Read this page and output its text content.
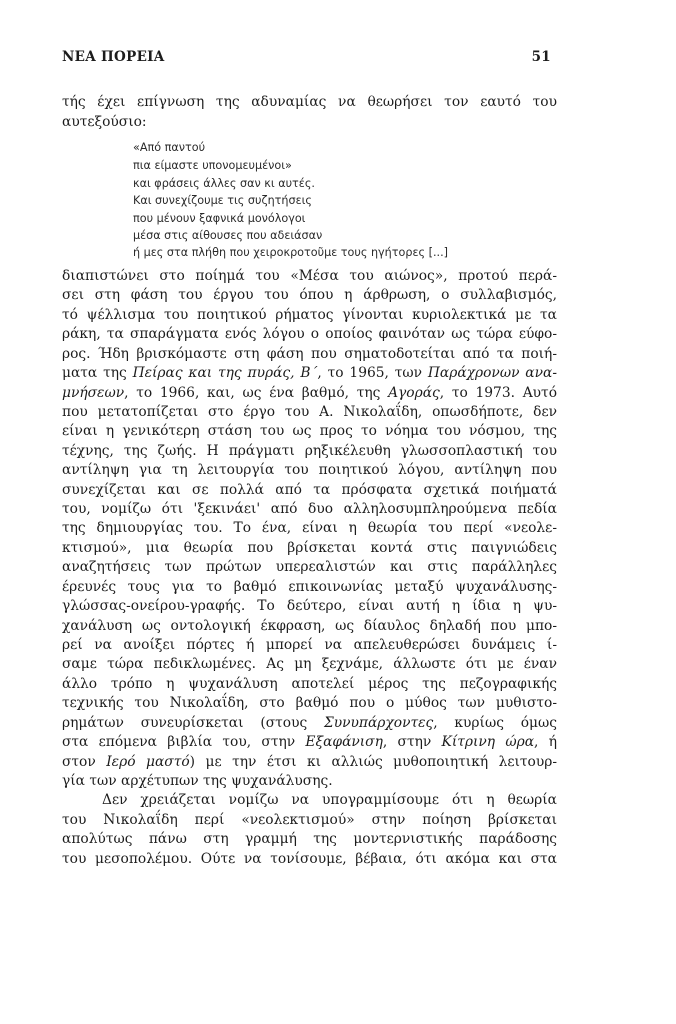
ΝΕΑ ΠΟΡΕΙΑ	51
τής έχει επίγνωση της αδυναμίας να θεωρήσει τον εαυτό του
αυτεξούσιο:
«Από παντού
πια είμαστε υπονομευμένοι»
και φράσεις άλλες σαν κι αυτές.
Και συνεχίζουμε τις συζητήσεις
που μένουν ξαφνικά μονόλογοι
μέσα στις αίθουσες που αδειάσαν
ή μες στα πλήθη που χειροκροτοῦμε τους ηγήτορες [...]
διαπιστώνει στο ποίημά του «Μέσα του αιώνος», προτού περά-
σει στη φάση του έργου του όπου η άρθρωση, ο συλλαβισμός,
τό ψέλλισμα του ποιητικού ρήματος γίνονται κυριολεκτικά με τα
ράκη, τα σπαράγματα ενός λόγου ο οποίος φαινόταν ως τώρα εύφο-
ρος. Ήδη βρισκόμαστε στη φάση που σηματοδοτείται από τα ποιή-
ματα της Πείρας και της πυράς, Β΄, το 1965, των Παράχρονων ανα-
μνήσεων, το 1966, και, ως ένα βαθμό, της Αγοράς, το 1973. Αυτό
που μετατοπίζεται στο έργο του Α. Νικολαΐδη, οπωσδήποτε, δεν
είναι η γενικότερη στάση του ως προς το νόημα του νόσμου, της
τέχνης, της ζωής. Η πράγματι ρηξικέλευθη γλωσσοπλαστική του
αντίληψη για τη λειτουργία του ποιητικού λόγου, αντίληψη που
συνεχίζεται και σε πολλά από τα πρόσφατα σχετικά ποιήματά
του, νομίζω ότι 'ξεκινάει' από δυο αλληλοσυμπληρούμενα πεδία
της δημιουργίας του. Το ένα, είναι η θεωρία του περί «νεολε-
κτισμού», μια θεωρία που βρίσκεται κοντά στις παιγνιώδεις
αναζητήσεις των πρώτων υπερεαλιστών και στις παράλληλες
έρευνές τους για το βαθμό επικοινωνίας μεταξύ ψυχανάλυσης-
γλώσσας-ονείρου-γραφής. Το δεύτερο, είναι αυτή η ίδια η ψυ-
χανάλυση ως οντολογική έκφραση, ως δίαυλος δηλαδή που μπο-
ρεί να ανοίξει πόρτες ή μπορεί να απελευθερώσει δυνάμεις ί-
σαμε τώρα πεδικλωμένες. Ας μη ξεχνάμε, άλλωστε ότι με έναν
άλλο τρόπο η ψυχανάλυση αποτελεί μέρος της πεζογραφικής
τεχνικής του Νικολαΐδη, στο βαθμό που ο μύθος των μυθιστο-
ρημάτων συνευρίσκεται (στους Συνυπάρχοντες, κυρίως όμως
στα επόμενα βιβλία του, στην Εξαφάνιση, στην Κίτρινη ώρα, ή
στον Ιερό μαστό) με την έτσι κι αλλιώς μυθοποιητική λειτουρ-
γία των αρχέτυπων της ψυχανάλυσης.
Δεν χρειάζεται νομίζω να υπογραμμίσουμε ότι η θεωρία
του Νικολαΐδη περί «νεολεκτισμού» στην ποίηση βρίσκεται
απολύτως πάνω στη γραμμή της μοντερνιστικής παράδοσης
του μεσοπολέμου. Ούτε να τονίσουμε, βέβαια, ότι ακόμα και στα
